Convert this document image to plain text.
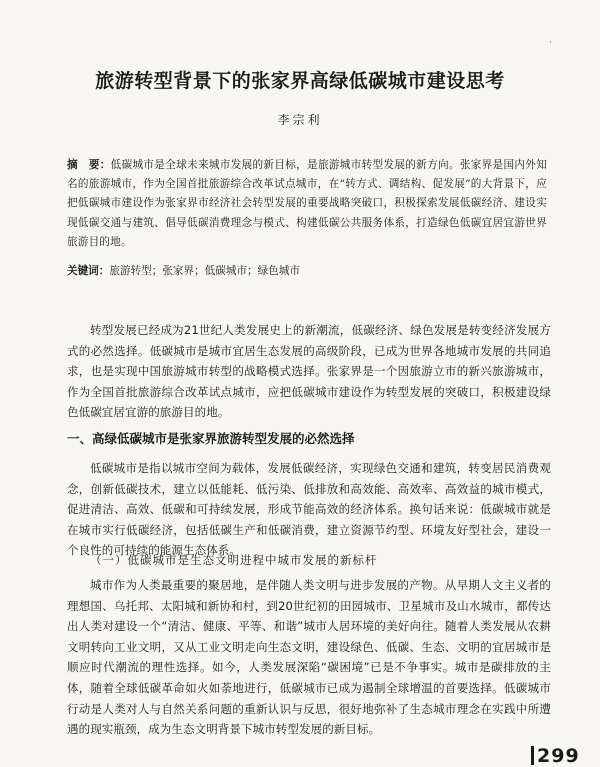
·
旅游转型背景下的张家界高绿低碳城市建设思考
李宗利
摘　要：低碳城市是全球未来城市发展的新目标，是旅游城市转型发展的新方向。张家界是国内外知名的旅游城市，作为全国首批旅游综合改革试点城市，在“转方式、调结构、促发展”的大背景下，应把低碳城市建设作为张家界市经济社会转型发展的重要战略突破口，积极探索发展低碳经济、建设实现低碳交通与建筑、倡导低碳消费理念与模式、构建低碳公共服务体系，打造绿色低碳宜居宜游世界旅游目的地。
关键词：旅游转型；张家界；低碳城市；绿色城市
转型发展已经成为21世纪人类发展史上的新潮流，低碳经济、绿色发展是转变经济发展方式的必然选择。低碳城市是城市宜居生态发展的高级阶段，已成为世界各地城市发展的共同追求，也是实现中国旅游城市转型的战略模式选择。张家界是一个因旅游立市的新兴旅游城市，作为全国首批旅游综合改革试点城市，应把低碳城市建设作为转型发展的突破口，积极建设绿色低碳宜居宜游的旅游目的地。
一、高绿低碳城市是张家界旅游转型发展的必然选择
低碳城市是指以城市空间为载体，发展低碳经济，实现绿色交通和建筑，转变居民消费观念，创新低碳技术，建立以低能耗、低污染、低排放和高效能、高效率、高效益的城市模式，促进清洁、高效、低碳和可持续发展，形成节能高效的经济体系。换句话来说：低碳城市就是在城市实行低碳经济，包括低碳生产和低碳消费，建立资源节约型、环境友好型社会，建设一个良性的可持续的能源生态体系。
（一）低碳城市是生态文明进程中城市发展的新标杆
城市作为人类最重要的聚居地，是伴随人类文明与进步发展的产物。从早期人文主义者的理想国、乌托邦、太阳城和新协和村，到20世纪初的田园城市、卫星城市及山水城市，都传达出人类对建设一个“清洁、健康、平等、和谐”城市人居环境的美好向往。随着人类发展从农耕文明转向工业文明，又从工业文明走向生态文明，建设绿色、低碳、生态、文明的宜居城市是顺应时代潮流的理性选择。如今，人类发展深陷“碳困境”已是不争事实。城市是碳排放的主体，随着全球低碳革命如火如荼地进行，低碳城市已成为遏制全球增温的首要选择。低碳城市行动是人类对人与自然关系问题的重新认识与反思，很好地弥补了生态城市理念在实践中所遭遇的现实瓶颈，成为生态文明背景下城市转型发展的新目标。
299
